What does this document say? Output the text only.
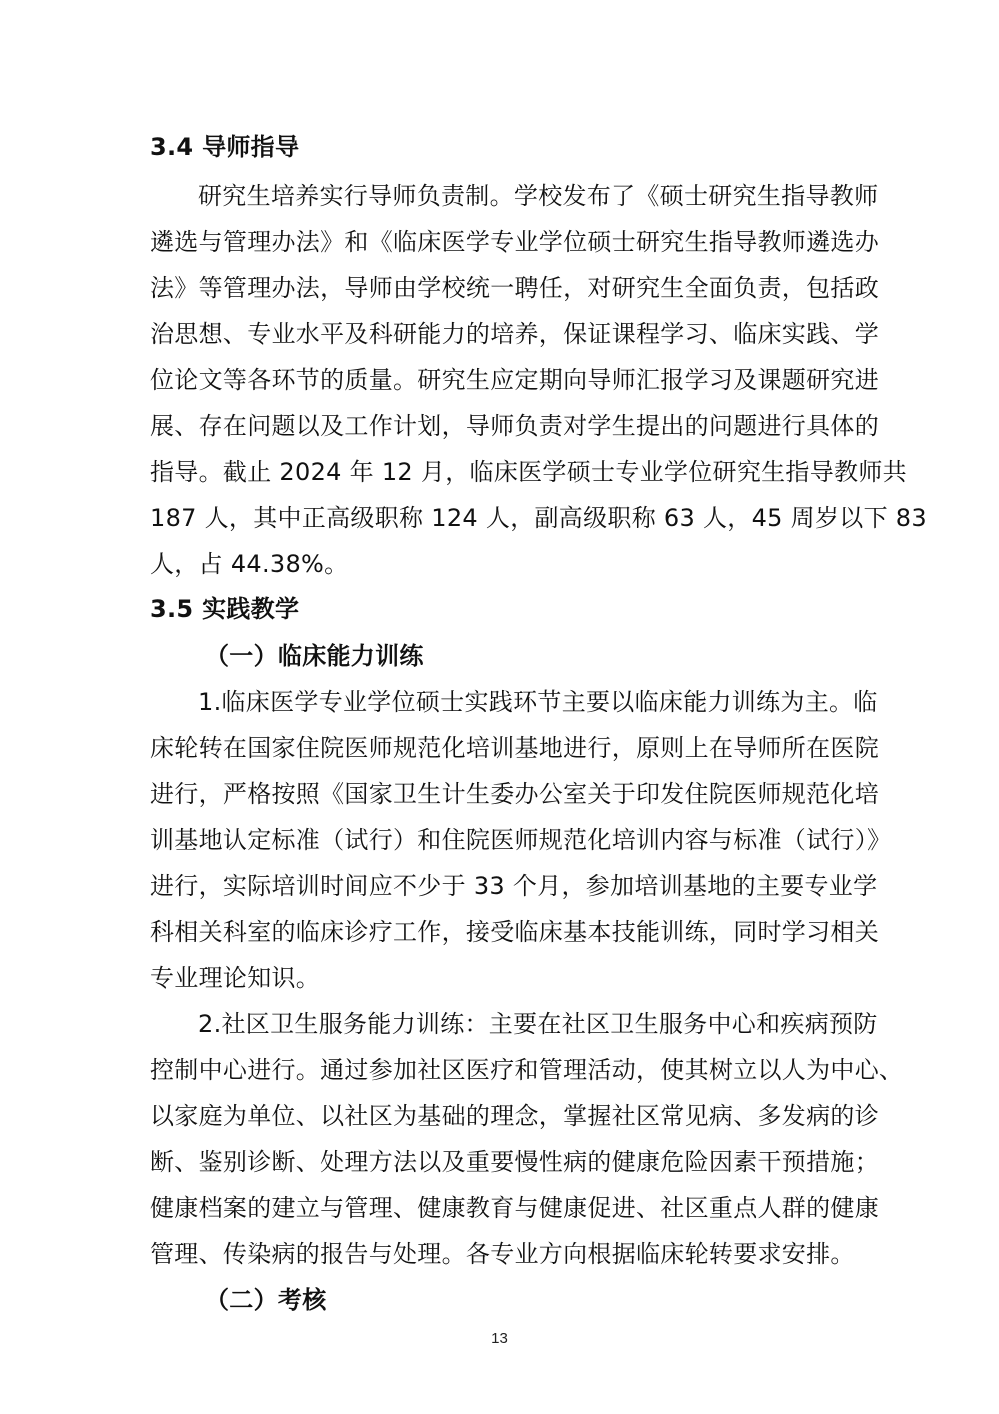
3.4 导师指导
研究生培养实行导师负责制。学校发布了《硕士研究生指导教师
遴选与管理办法》和《临床医学专业学位硕士研究生指导教师遴选办
法》等管理办法，导师由学校统一聘任，对研究生全面负责，包括政
治思想、专业水平及科研能力的培养，保证课程学习、临床实践、学
位论文等各环节的质量。研究生应定期向导师汇报学习及课题研究进
展、存在问题以及工作计划，导师负责对学生提出的问题进行具体的
指导。截止 2024 年 12 月，临床医学硕士专业学位研究生指导教师共
187 人，其中正高级职称 124 人，副高级职称 63 人，45 周岁以下 83
人，占 44.38%。
3.5 实践教学
（一）临床能力训练
1.临床医学专业学位硕士实践环节主要以临床能力训练为主。临
床轮转在国家住院医师规范化培训基地进行，原则上在导师所在医院
进行，严格按照《国家卫生计生委办公室关于印发住院医师规范化培
训基地认定标准（试行）和住院医师规范化培训内容与标准（试行）》
进行，实际培训时间应不少于 33 个月，参加培训基地的主要专业学
科相关科室的临床诊疗工作，接受临床基本技能训练，同时学习相关
专业理论知识。
2.社区卫生服务能力训练：主要在社区卫生服务中心和疾病预防
控制中心进行。通过参加社区医疗和管理活动，使其树立以人为中心、
以家庭为单位、以社区为基础的理念，掌握社区常见病、多发病的诊
断、鉴别诊断、处理方法以及重要慢性病的健康危险因素干预措施；
健康档案的建立与管理、健康教育与健康促进、社区重点人群的健康
管理、传染病的报告与处理。各专业方向根据临床轮转要求安排。
（二）考核
13
